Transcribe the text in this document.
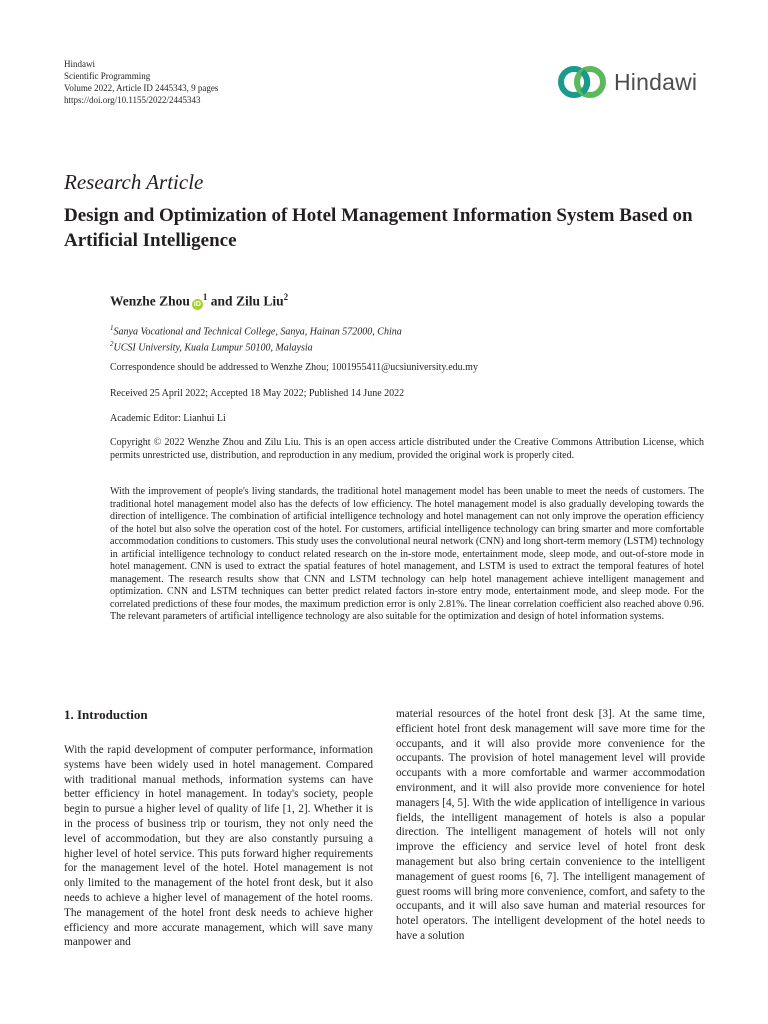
Hindawi
Scientific Programming
Volume 2022, Article ID 2445343, 9 pages
https://doi.org/10.1155/2022/2445343
Hindawi
Research Article
Design and Optimization of Hotel Management Information System Based on Artificial Intelligence
Wenzhe Zhou $iD^1$ and Zilu Liu$^2$
$^1$Sanya Vocational and Technical College, Sanya, Hainan 572000, China
$^2$UCSI University, Kuala Lumpur 50100, Malaysia
Correspondence should be addressed to Wenzhe Zhou; 1001955411@ucsiuniversity.edu.my
Received 25 April 2022; Accepted 18 May 2022; Published 14 June 2022
Academic Editor: Lianhui Li
Copyright © 2022 Wenzhe Zhou and Zilu Liu. This is an open access article distributed under the Creative Commons Attribution License, which permits unrestricted use, distribution, and reproduction in any medium, provided the original work is properly cited.
With the improvement of people's living standards, the traditional hotel management model has been unable to meet the needs of customers. The traditional hotel management model also has the defects of low efficiency. The hotel management model is also gradually developing towards the direction of intelligence. The combination of artificial intelligence technology and hotel management can not only improve the operation efficiency of the hotel but also solve the operation cost of the hotel. For customers, artificial intelligence technology can bring smarter and more comfortable accommodation conditions to customers. This study uses the convolutional neural network (CNN) and long short-term memory (LSTM) technology in artificial intelligence technology to conduct related research on the in-store mode, entertainment mode, sleep mode, and out-of-store mode in hotel management. CNN is used to extract the spatial features of hotel management, and LSTM is used to extract the temporal features of hotel management. The research results show that CNN and LSTM technology can help hotel management achieve intelligent management and optimization. CNN and LSTM techniques can better predict related factors in-store entry mode, entertainment mode, and sleep mode. For the correlated predictions of these four modes, the maximum prediction error is only 2.81%. The linear correlation coefficient also reached above 0.96. The relevant parameters of artificial intelligence technology are also suitable for the optimization and design of hotel information systems.
1. Introduction

With the rapid development of computer performance, information systems have been widely used in hotel management. Compared with traditional manual methods, information systems can have better efficiency in hotel management. In today's society, people begin to pursue a higher level of quality of life [1, 2]. Whether it is in the process of business trip or tourism, they not only need the level of accommodation, but they are also constantly pursuing a higher level of hotel service. This puts forward higher requirements for the management level of the hotel. Hotel management is not only limited to the management of the hotel front desk, but it also needs to achieve a higher level of management of the hotel rooms. The management of the hotel front desk needs to achieve higher efficiency and more accurate management, which will save many manpower and

material resources of the hotel front desk [3]. At the same time, efficient hotel front desk management will save more time for the occupants, and it will also provide more convenience for the occupants. The provision of hotel management level will provide occupants with a more comfortable and warmer accommodation environment, and it will also provide more convenience for hotel managers [4, 5]. With the wide application of intelligence in various fields, the intelligent management of hotels is also a popular direction. The intelligent management of hotels will not only improve the efficiency and service level of hotel front desk management but also bring certain convenience to the intelligent management of guest rooms [6, 7]. The intelligent management of guest rooms will bring more convenience, comfort, and safety to the occupants, and it will also save human and material resources for hotel operators. The intelligent development of the hotel needs to have a solution
